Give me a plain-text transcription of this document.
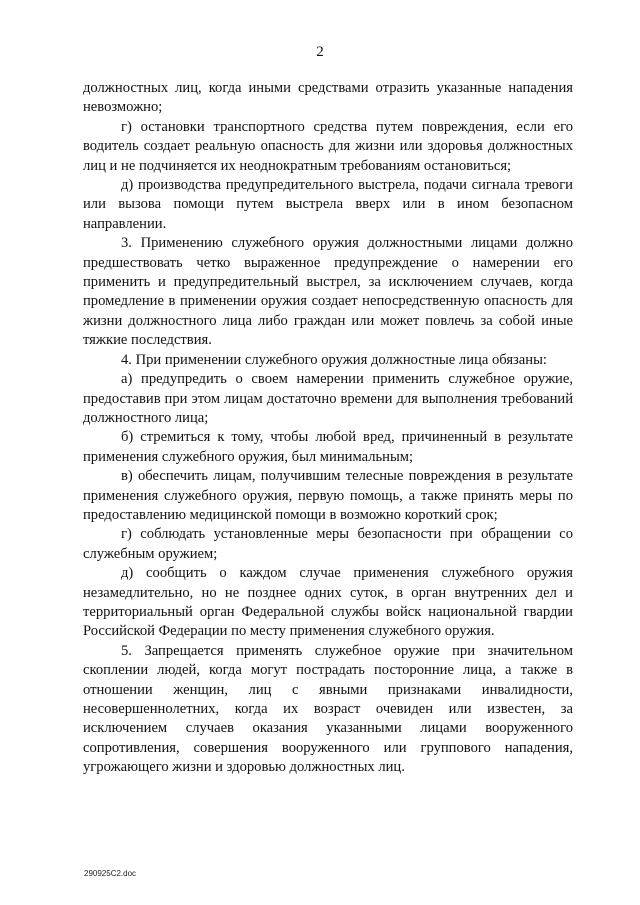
2

должностных лиц, когда иными средствами отразить указанные нападения невозможно;

г) остановки транспортного средства путем повреждения, если его водитель создает реальную опасность для жизни или здоровья должностных лиц и не подчиняется их неоднократным требованиям остановиться;

д) производства предупредительного выстрела, подачи сигнала тревоги или вызова помощи путем выстрела вверх или в ином безопасном направлении.

3. Применению служебного оружия должностными лицами должно предшествовать четко выраженное предупреждение о намерении его применить и предупредительный выстрел, за исключением случаев, когда промедление в применении оружия создает непосредственную опасность для жизни должностного лица либо граждан или может повлечь за собой иные тяжкие последствия.

4. При применении служебного оружия должностные лица обязаны:

а) предупредить о своем намерении применить служебное оружие, предоставив при этом лицам достаточно времени для выполнения требований должностного лица;

б) стремиться к тому, чтобы любой вред, причиненный в результате применения служебного оружия, был минимальным;

в) обеспечить лицам, получившим телесные повреждения в результате применения служебного оружия, первую помощь, а также принять меры по предоставлению медицинской помощи в возможно короткий срок;

г) соблюдать установленные меры безопасности при обращении со служебным оружием;

д) сообщить о каждом случае применения служебного оружия незамедлительно, но не позднее одних суток, в орган внутренних дел и территориальный орган Федеральной службы войск национальной гвардии Российской Федерации по месту применения служебного оружия.

5. Запрещается применять служебное оружие при значительном скоплении людей, когда могут пострадать посторонние лица, а также в отношении женщин, лиц с явными признаками инвалидности, несовершеннолетних, когда их возраст очевиден или известен, за исключением случаев оказания указанными лицами вооруженного сопротивления, совершения вооруженного или группового нападения, угрожающего жизни и здоровью должностных лиц.

290925С2.doc
